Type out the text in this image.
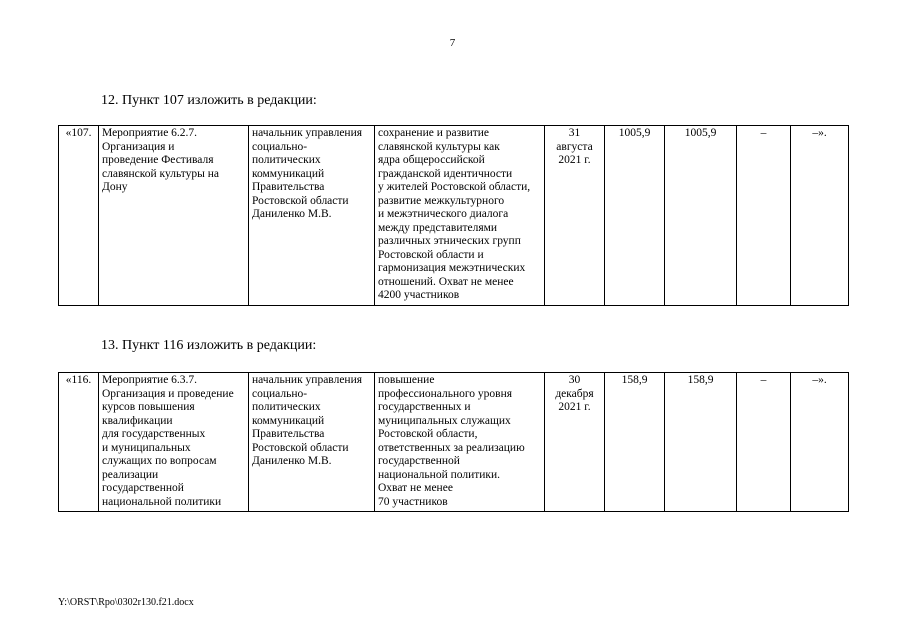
7
12. Пункт 107 изложить в редакции:
«107.	Мероприятие 6.2.7.
Организация и
проведение Фестиваля
славянской культуры на
Дону	начальник управления
социально-
политических
коммуникаций
Правительства
Ростовской области
Даниленко М.В.	сохранение и развитие
славянской культуры как
ядра общероссийской
гражданской идентичности
у жителей Ростовской области,
развитие межкультурного
и межэтнического диалога
между представителями
различных этнических групп
Ростовской области и
гармонизация межэтнических
отношений. Охват не менее
4200 участников	31
августа
2021 г.	1005,9	1005,9	–	–».
13. Пункт 116 изложить в редакции:
«116.	Мероприятие 6.3.7.
Организация и проведение
курсов повышения
квалификации
для государственных
и муниципальных
служащих по вопросам
реализации
государственной
национальной политики	начальник управления
социально-
политических
коммуникаций
Правительства
Ростовской области
Даниленко М.В.	повышение
профессионального уровня
государственных и
муниципальных служащих
Ростовской области,
ответственных за реализацию
государственной
национальной политики.
Охват не менее
70 участников	30
декабря
2021 г.	158,9	158,9	–	–».
Y:\ORST\Rpo\0302r130.f21.docx
